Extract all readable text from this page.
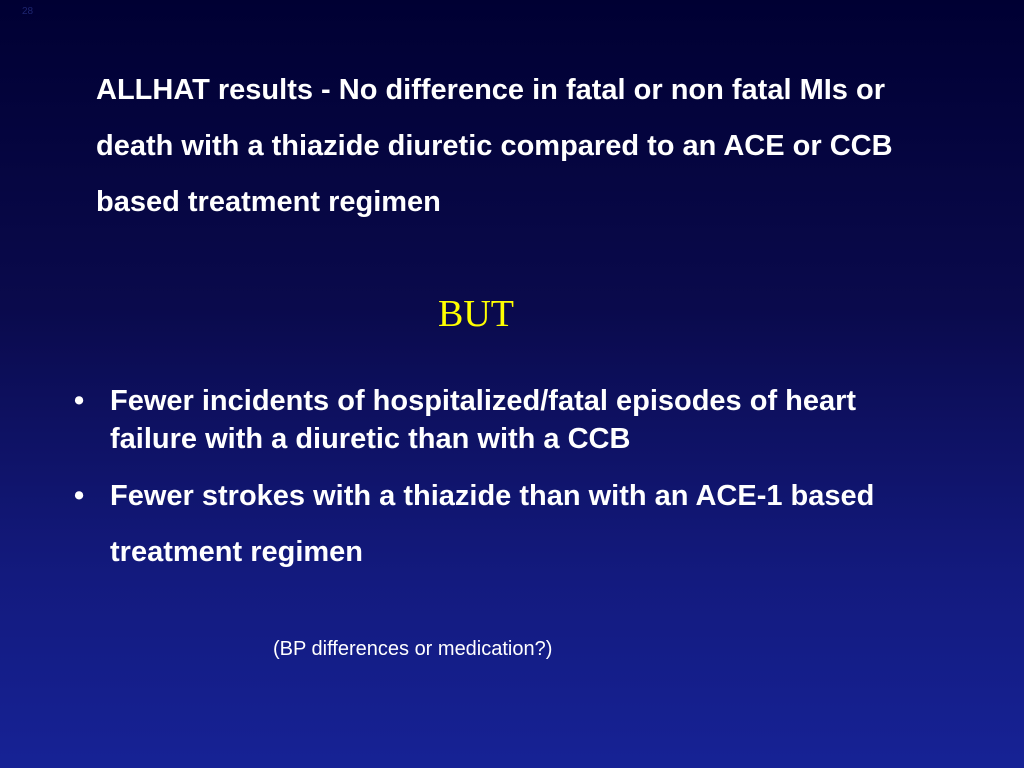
28

ALLHAT results - No difference in fatal or non fatal MIs or death with a thiazide diuretic compared to an ACE or CCB based treatment regimen

BUT

• Fewer incidents of hospitalized/fatal episodes of heart failure with a diuretic than with a CCB
• Fewer strokes with a thiazide than with an ACE-1 based treatment regimen

(BP differences or medication?)
